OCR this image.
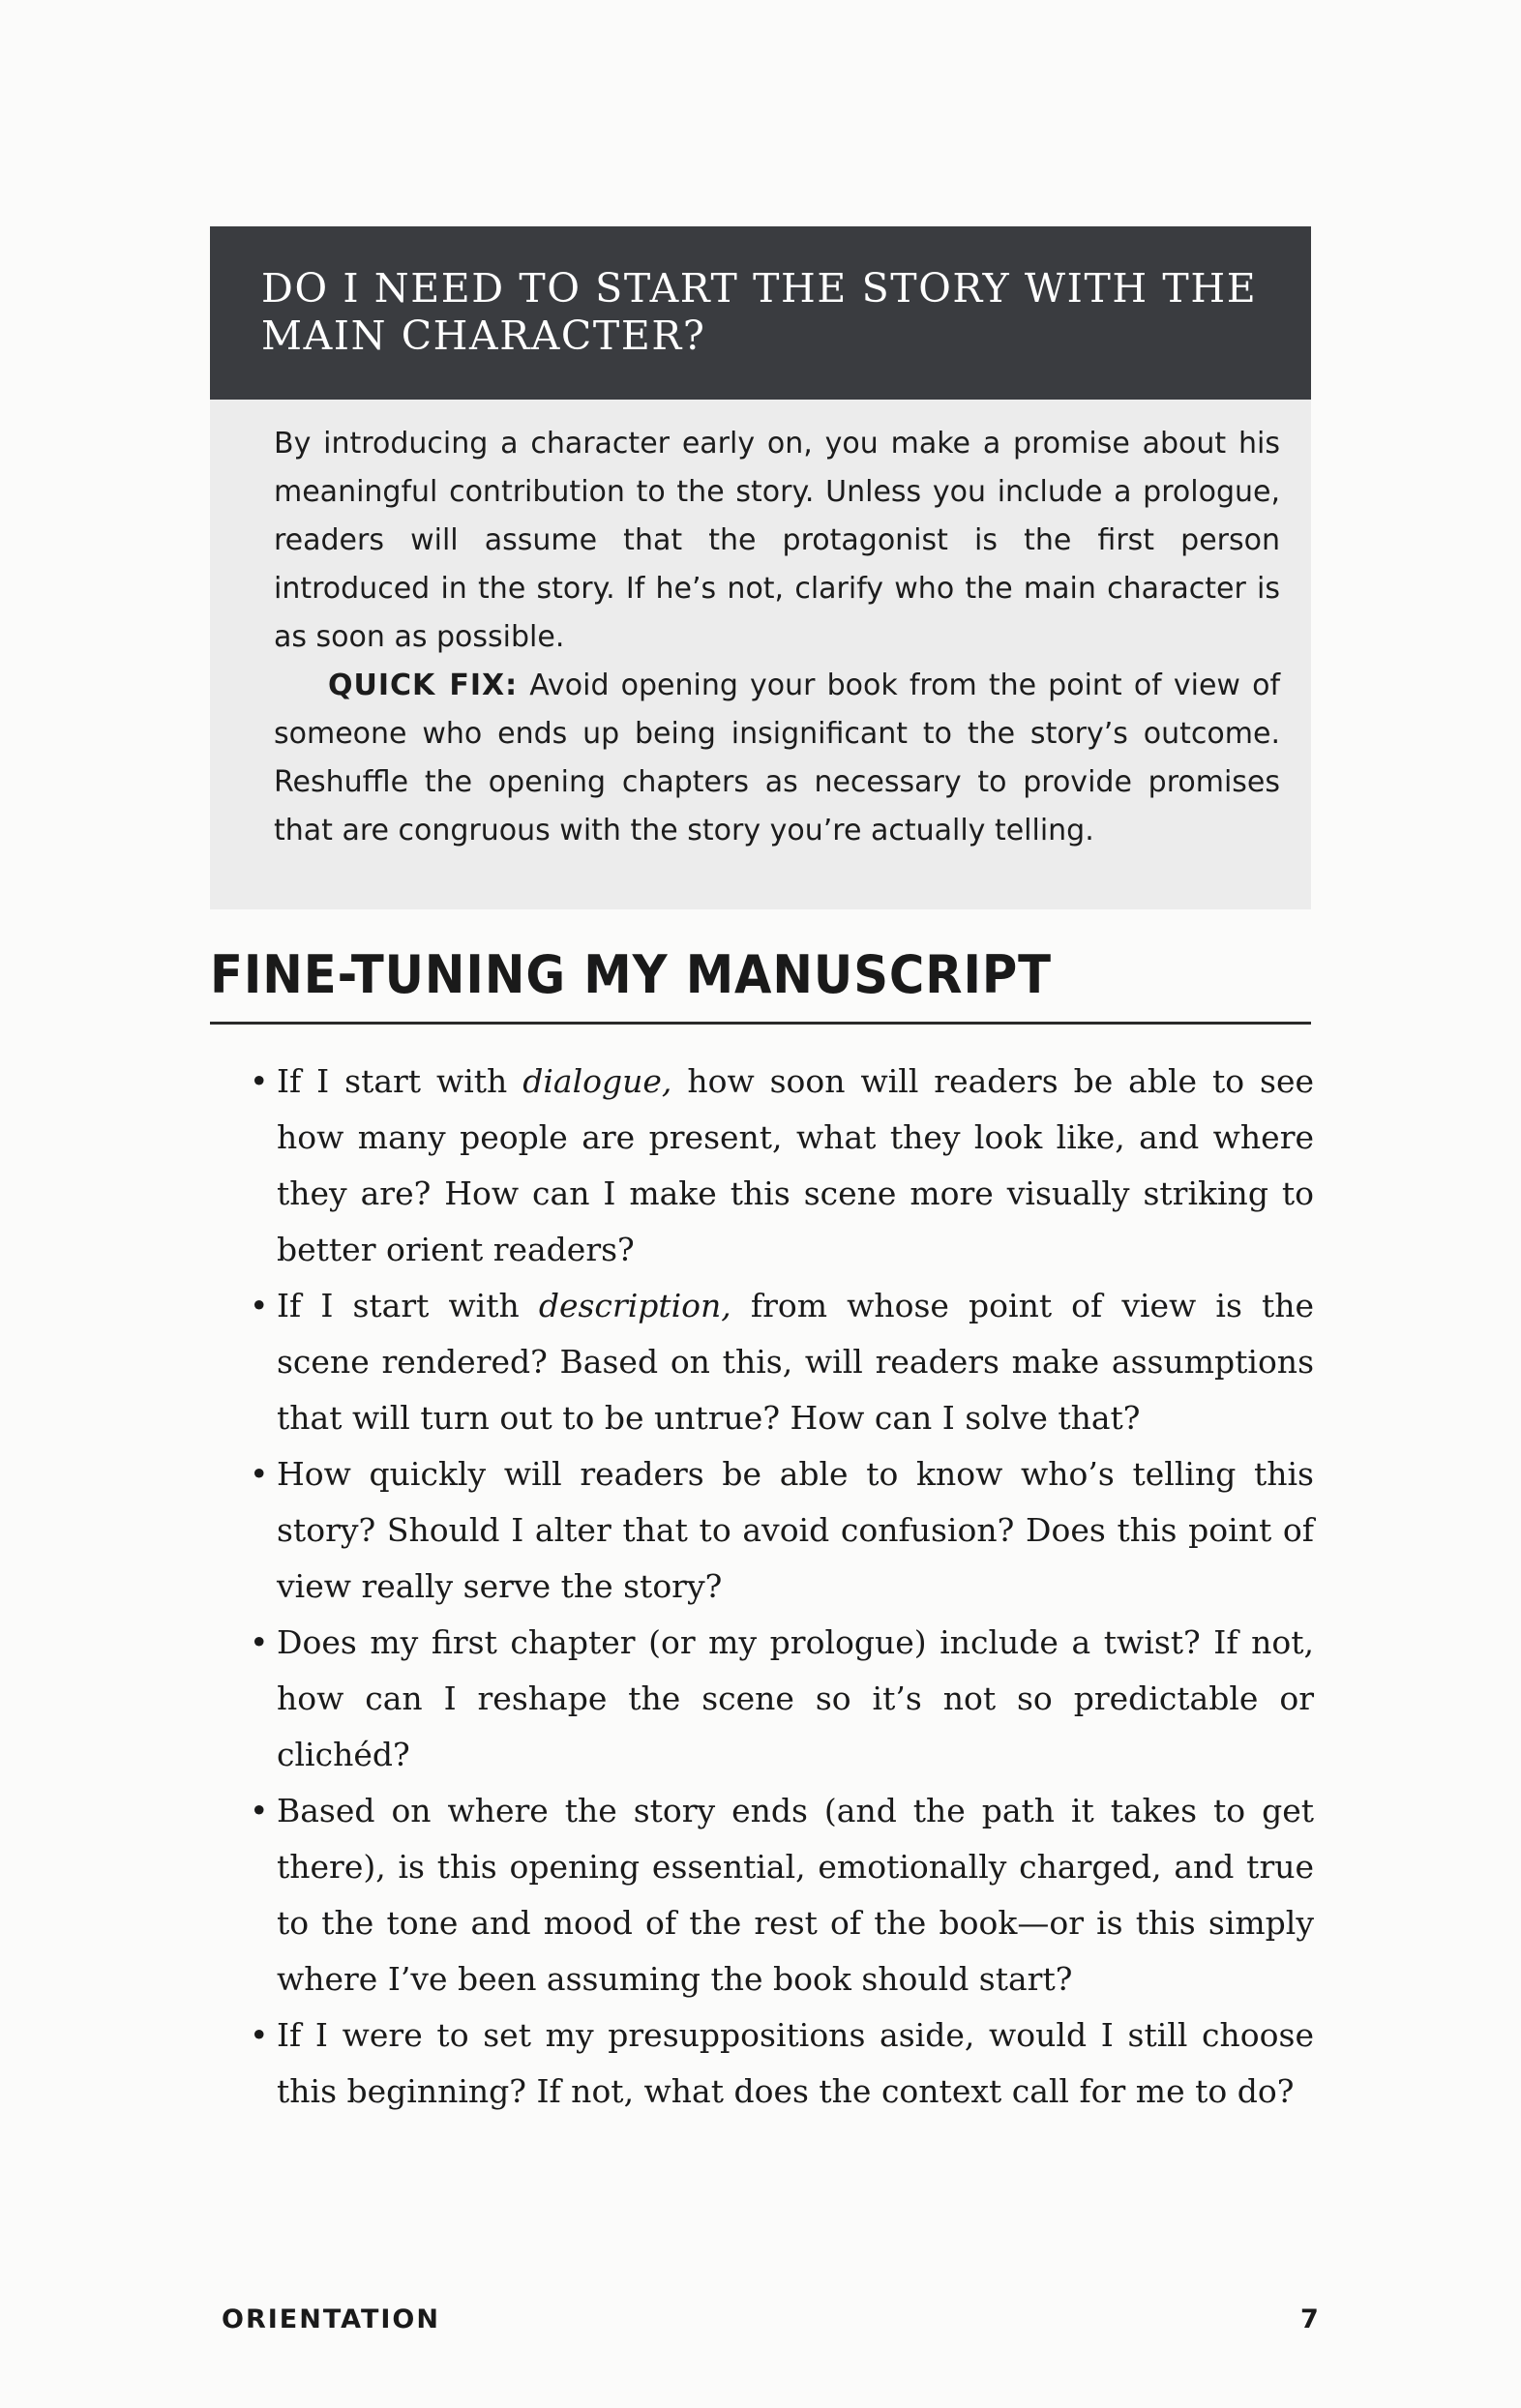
DO I NEED TO START THE STORY WITH THE MAIN CHARACTER?

By introducing a character early on, you make a promise about his meaningful contribution to the story. Unless you include a prologue, readers will assume that the protagonist is the first person introduced in the story. If he’s not, clarify who the main character is as soon as possible.

QUICK FIX: Avoid opening your book from the point of view of someone who ends up being insignificant to the story’s outcome. Reshuffle the opening chapters as necessary to provide promises that are congruous with the story you’re actually telling.

FINE-TUNING MY MANUSCRIPT
• If I start with dialogue, how soon will readers be able to see how many people are present, what they look like, and where they are? How can I make this scene more visually striking to better orient readers?
• If I start with description, from whose point of view is the scene rendered? Based on this, will readers make assumptions that will turn out to be untrue? How can I solve that?
• How quickly will readers be able to know who’s telling this story? Should I alter that to avoid confusion? Does this point of view really serve the story?
• Does my first chapter (or my prologue) include a twist? If not, how can I reshape the scene so it’s not so predictable or clichéd?
• Based on where the story ends (and the path it takes to get there), is this opening essential, emotionally charged, and true to the tone and mood of the rest of the book—or is this simply where I’ve been assuming the book should start?
• If I were to set my presuppositions aside, would I still choose this beginning? If not, what does the context call for me to do?
ORIENTATION	7
